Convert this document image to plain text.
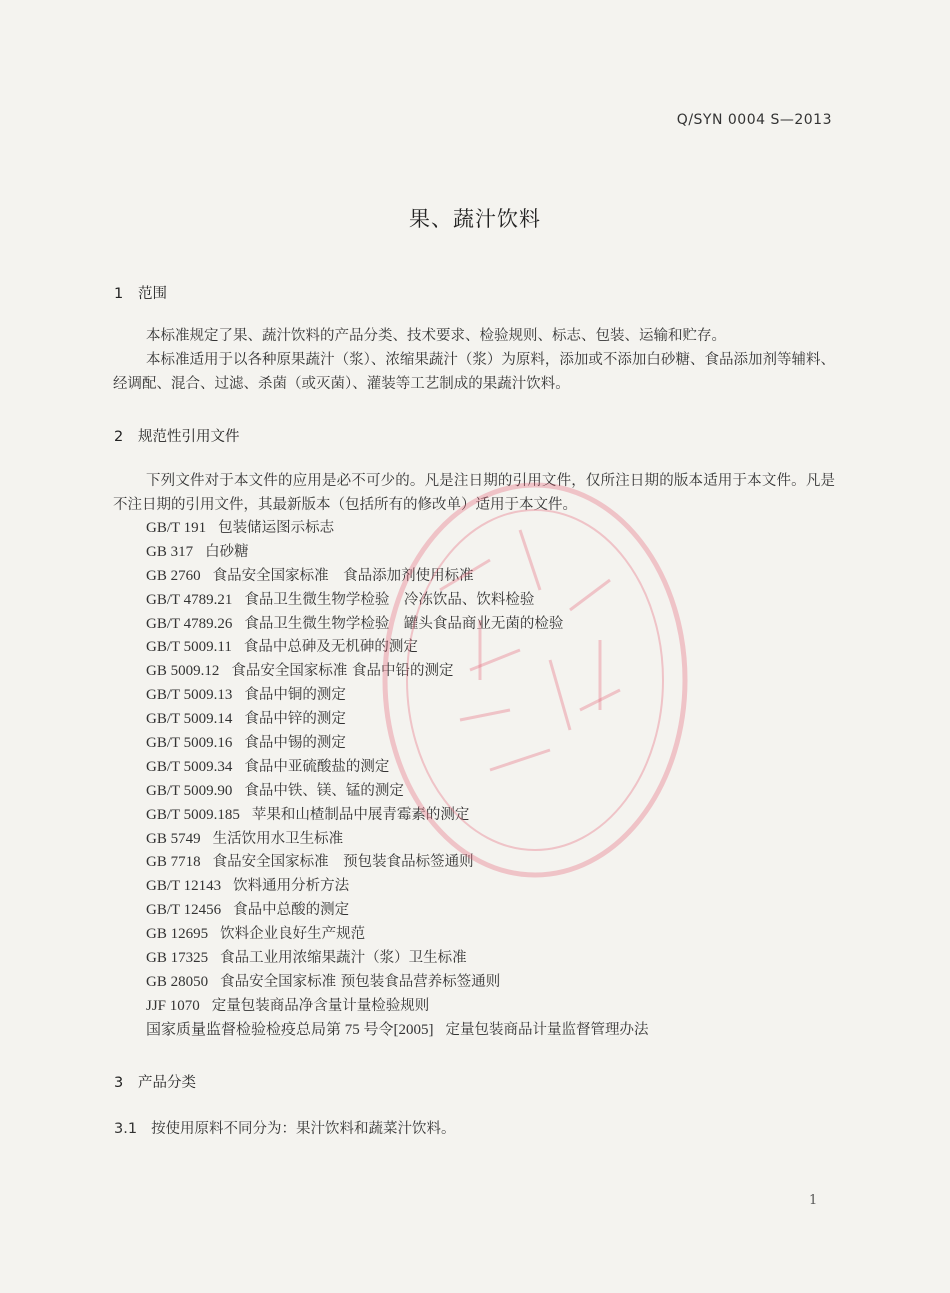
Q/SYN 0004 S—2013
果、蔬汁饮料
1 范围
本标准规定了果、蔬汁饮料的产品分类、技术要求、检验规则、标志、包装、运输和贮存。
本标准适用于以各种原果蔬汁（浆）、浓缩果蔬汁（浆）为原料，添加或不添加白砂糖、食品添加剂等辅料、经调配、混合、过滤、杀菌（或灭菌）、灌装等工艺制成的果蔬汁饮料。
2 规范性引用文件
下列文件对于本文件的应用是必不可少的。凡是注日期的引用文件，仅所注日期的版本适用于本文件。凡是不注日期的引用文件，其最新版本（包括所有的修改单）适用于本文件。
GB/T 191 包装储运图示标志
GB 317 白砂糖
GB 2760 食品安全国家标准　食品添加剂使用标准
GB/T 4789.21 食品卫生微生物学检验　冷冻饮品、饮料检验
GB/T 4789.26 食品卫生微生物学检验　罐头食品商业无菌的检验
GB/T 5009.11 食品中总砷及无机砷的测定
GB 5009.12 食品安全国家标准 食品中铅的测定
GB/T 5009.13 食品中铜的测定
GB/T 5009.14 食品中锌的测定
GB/T 5009.16 食品中锡的测定
GB/T 5009.34 食品中亚硫酸盐的测定
GB/T 5009.90 食品中铁、镁、锰的测定
GB/T 5009.185 苹果和山楂制品中展青霉素的测定
GB 5749 生活饮用水卫生标准
GB 7718 食品安全国家标准　预包装食品标签通则
GB/T 12143 饮料通用分析方法
GB/T 12456 食品中总酸的测定
GB 12695 饮料企业良好生产规范
GB 17325 食品工业用浓缩果蔬汁（浆）卫生标准
GB 28050 食品安全国家标准 预包装食品营养标签通则
JJF 1070 定量包装商品净含量计量检验规则
国家质量监督检验检疫总局第 75 号令[2005] 定量包装商品计量监督管理办法
3 产品分类
3.1 按使用原料不同分为：果汁饮料和蔬菜汁饮料。
1
